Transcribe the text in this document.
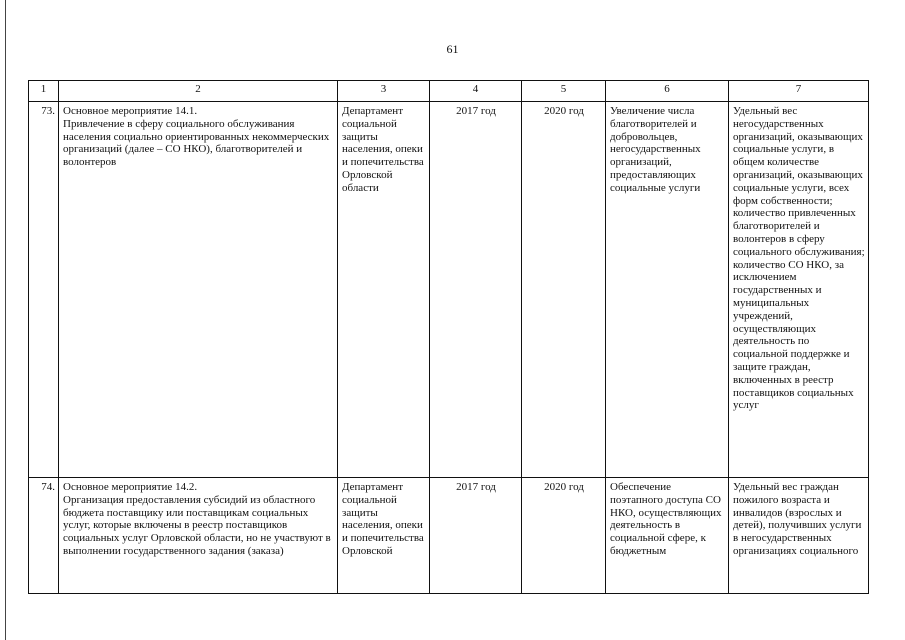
61
1	2	3	4	5	6	7
73.	Основное мероприятие 14.1.
Привлечение в сферу социального обслуживания населения социально ориентированных некоммерческих организаций (далее – СО НКО), благотворителей и волонтеров	Департамент социальной защиты населения, опеки и попечительства Орловской области	2017 год	2020 год	Увеличение числа благотворителей и добровольцев, негосударственных организаций, предоставляющих социальные услуги	Удельный вес негосударственных организаций, оказывающих социальные услуги, в общем количестве организаций, оказывающих социальные услуги, всех форм собственности; количество привлеченных благотворителей и волонтеров в сферу социального обслуживания; количество СО НКО, за исключением государственных и муниципальных учреждений, осуществляющих деятельность по социальной поддержке и защите граждан, включенных в реестр поставщиков социальных услуг
74.	Основное мероприятие 14.2.
Организация предоставления субсидий из областного бюджета поставщику или поставщикам социальных услуг, которые включены в реестр поставщиков социальных услуг Орловской области, но не участвуют в выполнении государственного задания (заказа)	Департамент социальной защиты населения, опеки и попечительства Орловской	2017 год	2020 год	Обеспечение поэтапного доступа СО НКО, осуществляющих деятельность в социальной сфере, к бюджетным	Удельный вес граждан пожилого возраста и инвалидов (взрослых и детей), получивших услуги в негосударственных организациях социального
